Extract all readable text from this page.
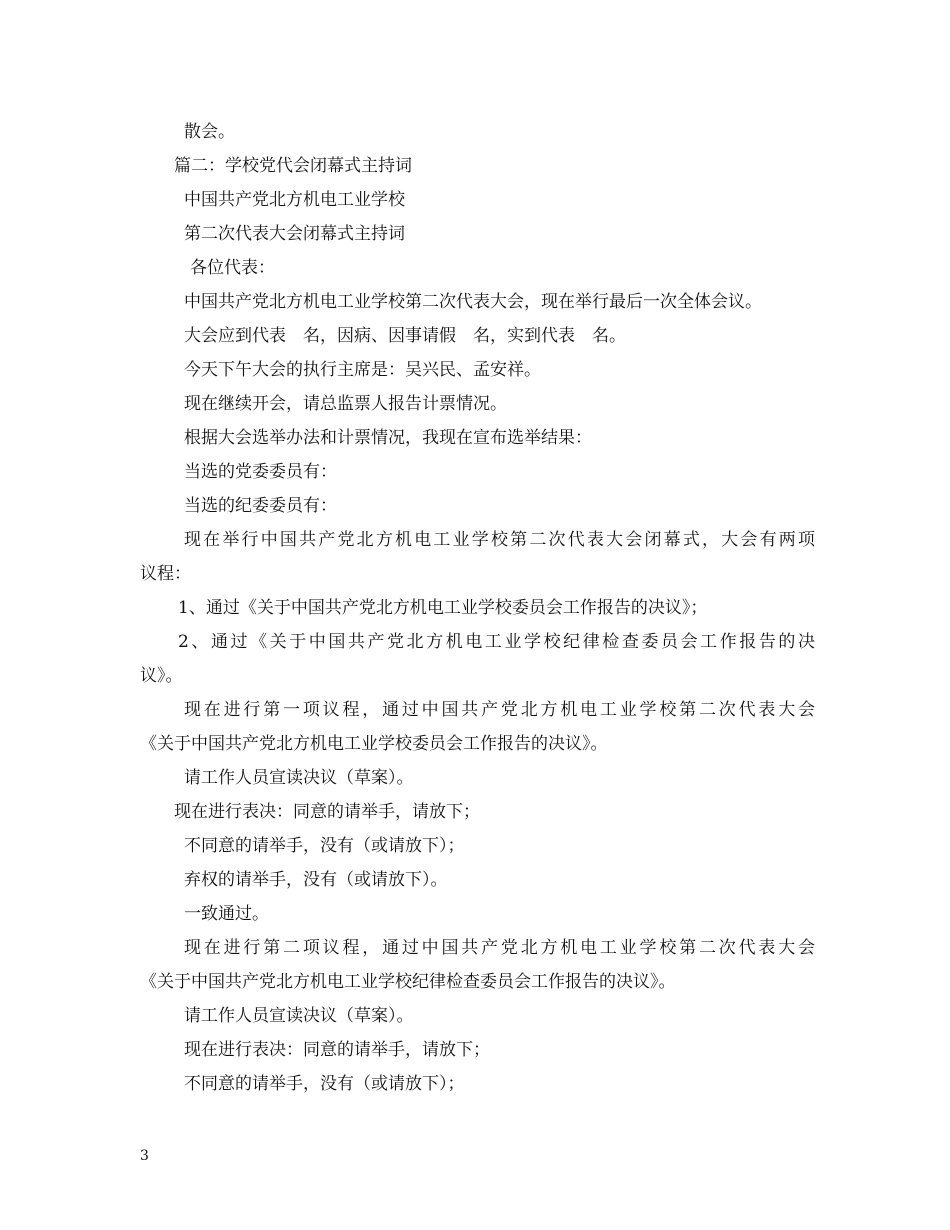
散会。
篇二：学校党代会闭幕式主持词
中国共产党北方机电工业学校
第二次代表大会闭幕式主持词
各位代表：
中国共产党北方机电工业学校第二次代表大会，现在举行最后一次全体会议。
大会应到代表　名，因病、因事请假　名，实到代表　名。
今天下午大会的执行主席是：吴兴民、孟安祥。
现在继续开会，请总监票人报告计票情况。
根据大会选举办法和计票情况，我现在宣布选举结果：
当选的党委委员有：
当选的纪委委员有：
现在举行中国共产党北方机电工业学校第二次代表大会闭幕式，大会有两项
议程：
1、通过《关于中国共产党北方机电工业学校委员会工作报告的决议》；
2、通过《关于中国共产党北方机电工业学校纪律检查委员会工作报告的决
议》。
现在进行第一项议程，通过中国共产党北方机电工业学校第二次代表大会
《关于中国共产党北方机电工业学校委员会工作报告的决议》。
请工作人员宣读决议（草案）。
现在进行表决：同意的请举手，请放下；
不同意的请举手，没有（或请放下）；
弃权的请举手，没有（或请放下）。
一致通过。
现在进行第二项议程，通过中国共产党北方机电工业学校第二次代表大会
《关于中国共产党北方机电工业学校纪律检查委员会工作报告的决议》。
请工作人员宣读决议（草案）。
现在进行表决：同意的请举手，请放下；
不同意的请举手，没有（或请放下）；
3
